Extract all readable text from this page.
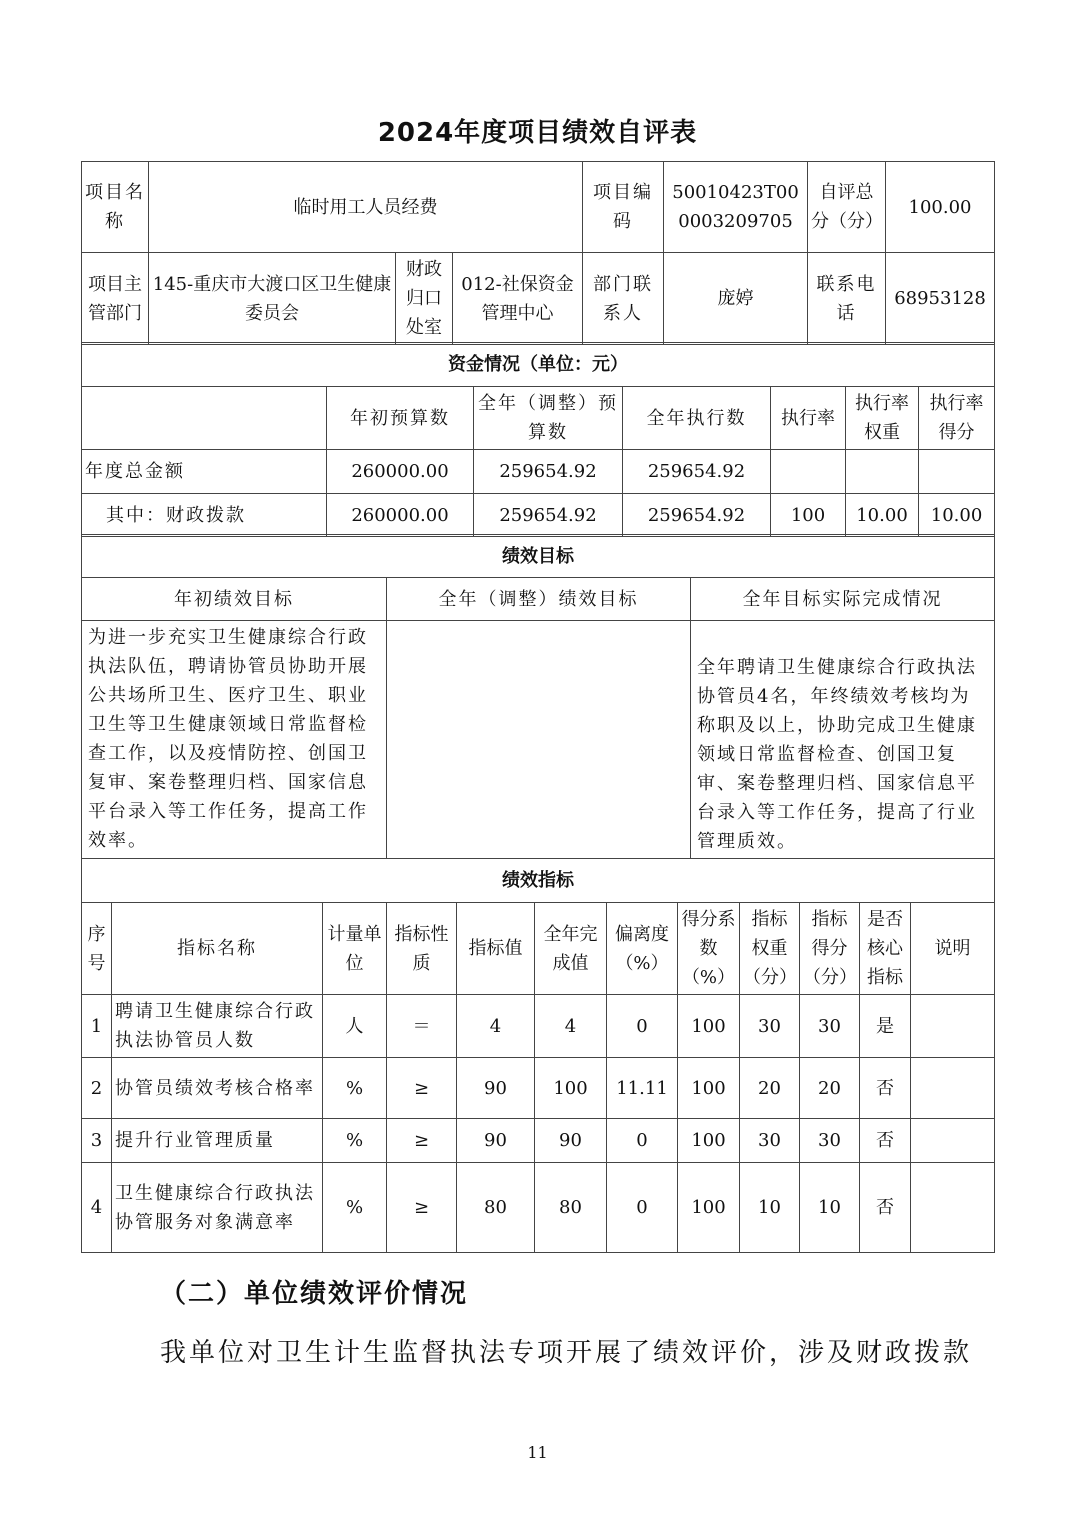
2024年度项目绩效自评表
项目名称	临时用工人员经费			项目编码	50010423T000003209705	自评总分（分）	100.00
项目主管部门	145-重庆市大渡口区卫生健康委员会	财政归口处室	012-社保资金管理中心	部门联系人	庞婷	联系电话	68953128
资金情况（单位：元）						
	年初预算数	全年（调整）预算数	全年执行数	执行率	执行率权重	执行率得分
年度总金额	260000.00	259654.92	259654.92			
其中：财政拨款	260000.00	259654.92	259654.92	100	10.00	10.00
绩效目标		
年初绩效目标	全年（调整）绩效目标	全年目标实际完成情况
为进一步充实卫生健康综合行政执法队伍，聘请协管员协助开展公共场所卫生、医疗卫生、职业卫生等卫生健康领域日常监督检查工作，以及疫情防控、创国卫复审、案卷整理归档、国家信息平台录入等工作任务，提高工作效率。		全年聘请卫生健康综合行政执法协管员4名，年终绩效考核均为称职及以上，协助完成卫生健康领域日常监督检查、创国卫复审、案卷整理归档、国家信息平台录入等工作任务，提高了行业管理质效。
绩效指标											
序号	指标名称	计量单位	指标性质	指标值	全年完成值	偏离度（%）	得分系数（%）	指标权重（分）	指标得分（分）	是否核心指标	说明
1	聘请卫生健康综合行政执法协管员人数	人	＝	4	4	0	100	30	30	是	
2	协管员绩效考核合格率	%	≥	90	100	11.11	100	20	20	否	
3	提升行业管理质量	%	≥	90	90	0	100	30	30	否	
4	卫生健康综合行政执法协管服务对象满意率	%	≥	80	80	0	100	10	10	否	
（二）单位绩效评价情况
我单位对卫生计生监督执法专项开展了绩效评价，涉及财政拨款
11
